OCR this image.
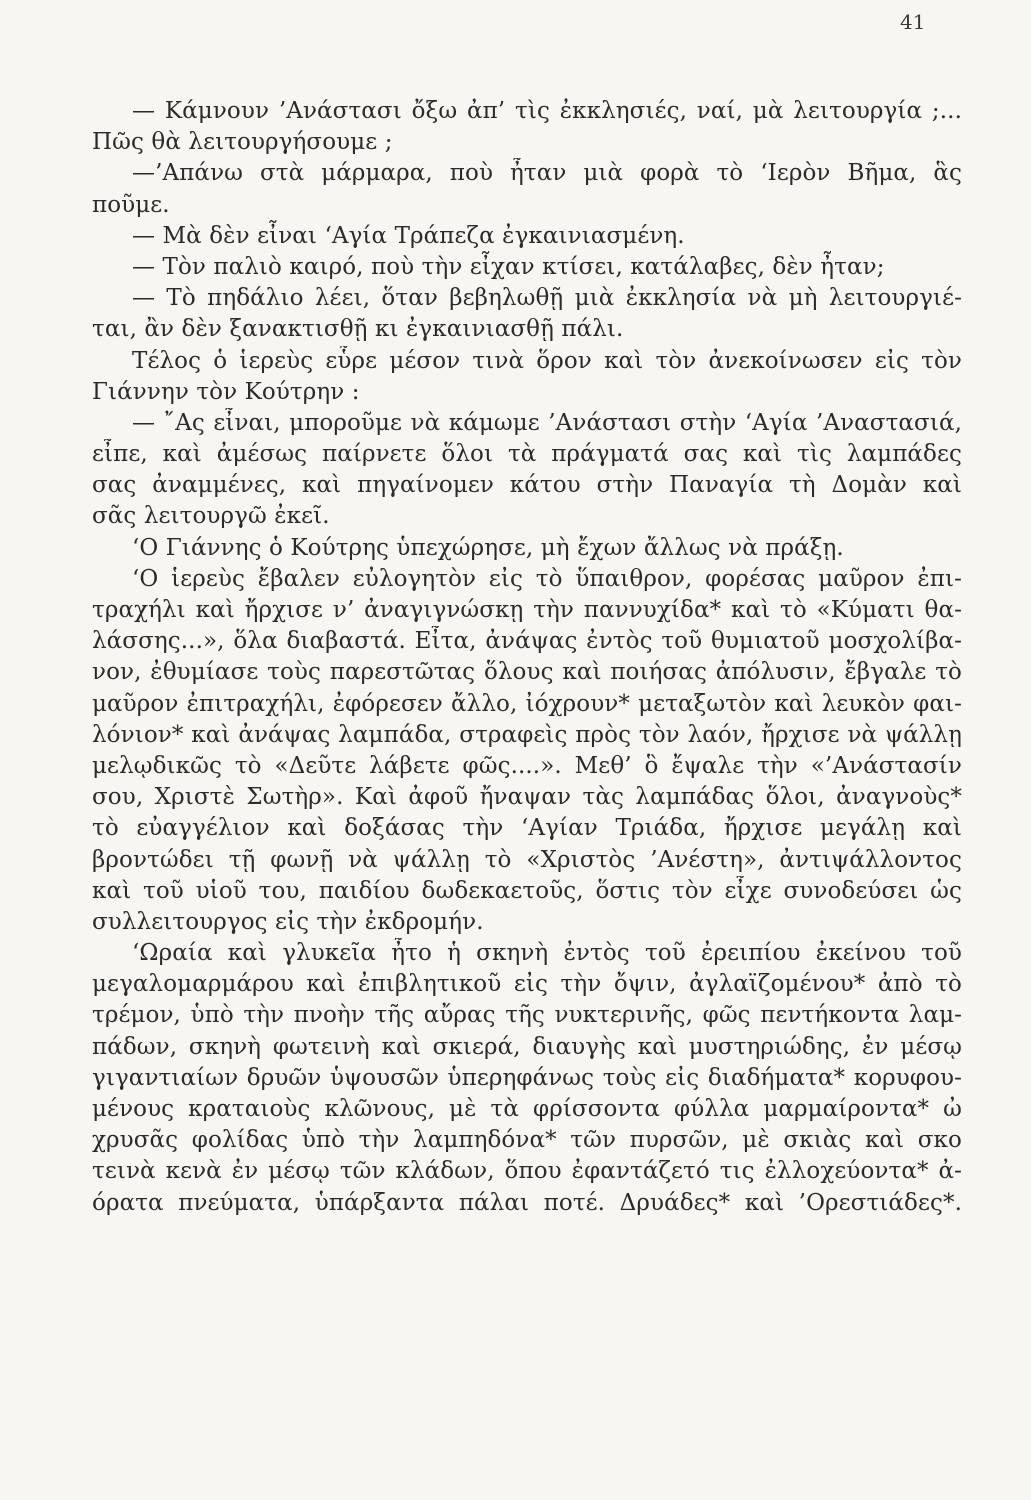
41
— Κάμνουν ’Ανάστασι ὄξω ἀπ’ τὶς ἐκκλησιές, ναί, μὰ λειτουργία ;...
Πῶς θὰ λειτουργήσουμε ;
—’Απάνω στὰ μάρμαρα, ποὺ ἦταν μιὰ φορὰ τὸ ‘Ιερὸν Βῆμα, ἃς
ποῦμε.
— Μὰ δὲν εἶναι ‘Αγία Τράπεζα ἐγκαινιασμένη.
— Τὸν παλιὸ καιρό, ποὺ τὴν εἶχαν κτίσει, κατάλαβες, δὲν ἦταν;
— Τὸ πηδάλιο λέει, ὅταν βεβηλωθῇ μιὰ ἐκκλησία νὰ μὴ λειτουργιέ-
ται, ἂν δὲν ξανακτισθῇ κι ἐγκαινιασθῇ πάλι.
Τέλος ὁ ἱερεὺς εὗρε μέσον τινὰ ὅρον καὶ τὸν ἀνεκοίνωσεν εἰς τὸν
Γιάννην τὸν Κούτρην :
— ῎Ας εἶναι, μποροῦμε νὰ κάμωμε ’Ανάστασι στὴν ‘Αγία ’Αναστασιά,
εἶπε, καὶ ἀμέσως παίρνετε ὅλοι τὰ πράγματά σας καὶ τὶς λαμπάδες
σας ἀναμμένες, καὶ πηγαίνομεν κάτου στὴν Παναγία τὴ Δομὰν καὶ
σᾶς λειτουργῶ ἐκεῖ.
‘Ο Γιάννης ὁ Κούτρης ὑπεχώρησε, μὴ ἔχων ἄλλως νὰ πράξῃ.
‘Ο ἱερεὺς ἔβαλεν εὐλογητὸν εἰς τὸ ὕπαιθρον, φορέσας μαῦρον ἐπι-
τραχήλι καὶ ἤρχισε ν’ ἀναγιγνώσκῃ τὴν παννυχίδα* καὶ τὸ «Κύματι θα-
λάσσης...», ὅλα διαβαστά. Εἶτα, ἀνάψας ἐντὸς τοῦ θυμιατοῦ μοσχολίβα-
νον, ἐθυμίασε τοὺς παρεστῶτας ὅλους καὶ ποιήσας ἀπόλυσιν, ἔβγαλε τὸ
μαῦρον ἐπιτραχήλι, ἐφόρεσεν ἄλλο, ἰόχρουν* μεταξωτὸν καὶ λευκὸν φαι-
λόνιον* καὶ ἀνάψας λαμπάδα, στραφεὶς πρὸς τὸν λαόν, ἤρχισε νὰ ψάλλῃ
μελῳδικῶς τὸ «Δεῦτε λάβετε φῶς....». Μεθ’ ὃ ἔψαλε τὴν «’Ανάστασίν
σου, Χριστὲ Σωτὴρ». Καὶ ἀφοῦ ἤναψαν τὰς λαμπάδας ὅλοι, ἀναγνοὺς*
τὸ εὐαγγέλιον καὶ δοξάσας τὴν ‘Αγίαν Τριάδα, ἤρχισε μεγάλῃ καὶ
βροντώδει τῇ φωνῇ νὰ ψάλλῃ τὸ «Χριστὸς ’Ανέστη», ἀντιψάλλοντος
καὶ τοῦ υἱοῦ του, παιδίου δωδεκαετοῦς, ὅστις τὸν εἶχε συνοδεύσει ὡς
συλλειτουργος εἰς τὴν ἐκδρομήν.
‘Ωραία καὶ γλυκεῖα ἦτο ἡ σκηνὴ ἐντὸς τοῦ ἐρειπίου ἐκείνου τοῦ
μεγαλομαρμάρου καὶ ἐπιβλητικοῦ εἰς τὴν ὄψιν, ἀγλαϊζομένου* ἀπὸ τὸ
τρέμον, ὑπὸ τὴν πνοὴν τῆς αὔρας τῆς νυκτερινῆς, φῶς πεντήκοντα λαμ-
πάδων, σκηνὴ φωτεινὴ καὶ σκιερά, διαυγὴς καὶ μυστηριώδης, ἐν μέσῳ
γιγαντιαίων δρυῶν ὑψουσῶν ὑπερηφάνως τοὺς εἰς διαδήματα* κορυφου-
μένους κραταιοὺς κλῶνους, μὲ τὰ φρίσσοντα φύλλα μαρμαίροντα* ὠ
χρυσᾶς φολίδας ὑπὸ τὴν λαμπηδόνα* τῶν πυρσῶν, μὲ σκιὰς καὶ σκο
τεινὰ κενὰ ἐν μέσῳ τῶν κλάδων, ὅπου ἐφαντάζετό τις ἐλλοχεύοντα* ἀ-
όρατα πνεύματα, ὑπάρξαντα πάλαι ποτέ. Δρυάδες* καὶ ’Ορεστιάδες*.
